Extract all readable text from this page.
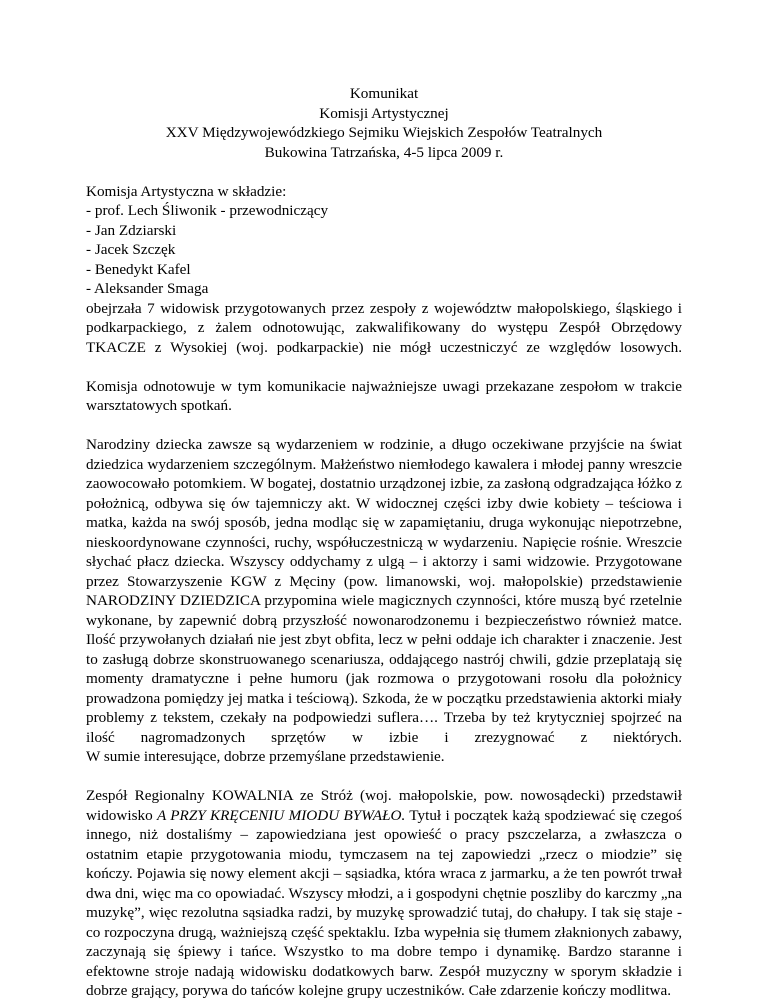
Komunikat
Komisji Artystycznej
XXV Międzywojewódzkiego Sejmiku Wiejskich Zespołów Teatralnych
Bukowina Tatrzańska, 4-5 lipca 2009 r.
Komisja Artystyczna w składzie:
- prof. Lech Śliwonik - przewodniczący
- Jan Zdziarski
- Jacek Szczęk
- Benedykt Kafel
- Aleksander Smaga
obejrzała 7 widowisk przygotowanych przez zespoły z województw małopolskiego, śląskiego i podkarpackiego, z żalem odnotowując, zakwalifikowany do występu Zespół Obrzędowy TKACZE z Wysokiej (woj. podkarpackie) nie mógł uczestniczyć ze względów losowych.

Komisja odnotowuje w tym komunikacie najważniejsze uwagi przekazane zespołom w trakcie warsztatowych spotkań.

Narodziny dziecka zawsze są wydarzeniem w rodzinie, a długo oczekiwane przyjście na świat dziedzica wydarzeniem szczególnym. Małżeństwo niemłodego kawalera i młodej panny wreszcie zaowocowało potomkiem. W bogatej, dostatnio urządzonej izbie, za zasłoną odgradzająca łóżko z położnicą, odbywa się ów tajemniczy akt. W widocznej części izby dwie kobiety – teściowa i matka, każda na swój sposób, jedna modląc się w zapamiętaniu, druga wykonując niepotrzebne, nieskoordynowane czynności, ruchy, współuczestniczą w wydarzeniu. Napięcie rośnie. Wreszcie słychać płacz dziecka. Wszyscy oddychamy z ulgą – i aktorzy i sami widzowie. Przygotowane przez Stowarzyszenie KGW z Męciny (pow. limanowski, woj. małopolskie) przedstawienie NARODZINY DZIEDZICA przypomina wiele magicznych czynności, które muszą być rzetelnie wykonane, by zapewnić dobrą przyszłość nowonarodzonemu i bezpieczeństwo również matce. Ilość przywołanych działań nie jest zbyt obfita, lecz w pełni oddaje ich charakter i znaczenie. Jest to zasługą dobrze skonstruowanego scenariusza, oddającego nastrój chwili, gdzie przeplatają się momenty dramatyczne i pełne humoru (jak rozmowa o przygotowani rosołu dla położnicy prowadzona pomiędzy jej matka i teściową). Szkoda, że w początku przedstawienia aktorki miały problemy z tekstem, czekały na podpowiedzi suflera…. Trzeba by też krytyczniej spojrzeć na ilość nagromadzonych sprzętów w izbie i zrezygnować z niektórych.
W sumie interesujące, dobrze przemyślane przedstawienie.

Zespół Regionalny KOWALNIA ze Stróż (woj. małopolskie, pow. nowosądecki) przedstawił widowisko A PRZY KRĘCENIU MIODU BYWAŁO. Tytuł i początek każą spodziewać się czegoś innego, niż dostaliśmy – zapowiedziana jest opowieść o pracy pszczelarza, a zwłaszcza o ostatnim etapie przygotowania miodu, tymczasem na tej zapowiedzi „rzecz o miodzie” się kończy. Pojawia się nowy element akcji – sąsiadka, która wraca z jarmarku, a że ten powrót trwał dwa dni, więc ma co opowiadać. Wszyscy młodzi, a i gospodyni chętnie poszliby do karczmy „na muzykę”, więc rezolutna sąsiadka radzi, by muzykę sprowadzić tutaj, do chałupy. I tak się staje - co rozpoczyna drugą, ważniejszą część spektaklu. Izba wypełnia się tłumem złaknionych zabawy, zaczynają się śpiewy i tańce. Wszystko to ma dobre tempo i dynamikę. Bardzo staranne i efektowne stroje nadają widowisku dodatkowych barw. Zespół muzyczny w sporym składzie i dobrze grający, porywa do tańców kolejne grupy uczestników. Całe zdarzenie kończy modlitwa.
